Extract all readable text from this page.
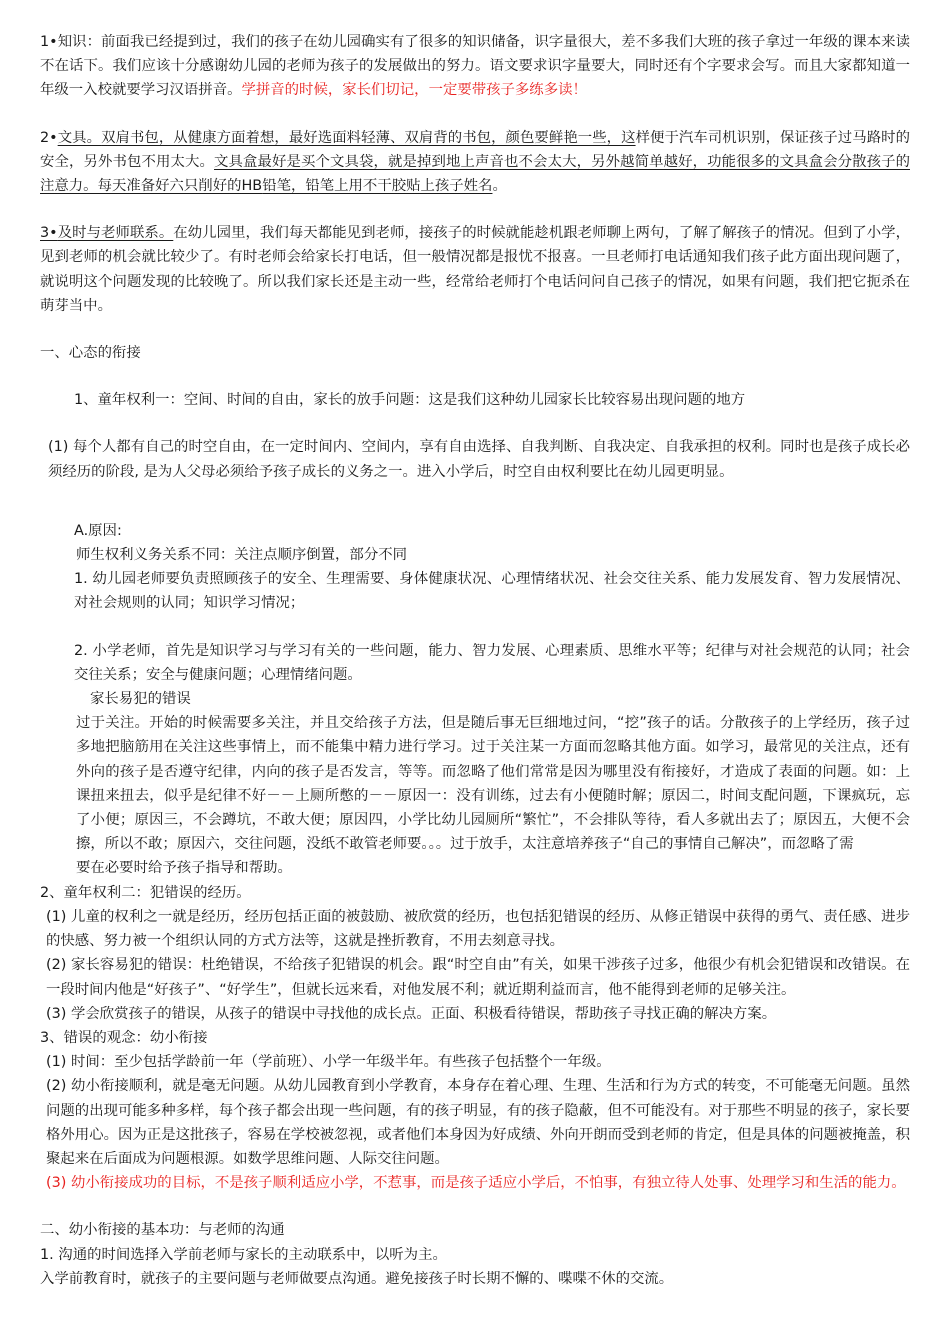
1•知识：前面我已经提到过，我们的孩子在幼儿园确实有了很多的知识储备，识字量很大，差不多我们大班的孩子拿过一年级的课本来读不在话下。我们应该十分感谢幼儿园的老师为孩子的发展做出的努力。语文要求识字量要大，同时还有个字要求会写。而且大家都知道一年级一入校就要学习汉语拼音。学拼音的时候，家长们切记，一定要带孩子多练多读！

2•文具。双肩书包，从健康方面着想，最好选面料轻薄、双肩背的书包，颜色要鲜艳一些，这样便于汽车司机识别，保证孩子过马路时的安全，另外书包不用太大。文具盒最好是买个文具袋，就是掉到地上声音也不会太大，另外越简单越好，功能很多的文具盒会分散孩子的注意力。每天准备好六只削好的HB铅笔，铅笔上用不干胶贴上孩子姓名。

3•及时与老师联系。在幼儿园里，我们每天都能见到老师，接孩子的时候就能趁机跟老师聊上两句，了解了解孩子的情况。但到了小学，见到老师的机会就比较少了。有时老师会给家长打电话，但一般情况都是报忧不报喜。一旦老师打电话通知我们孩子此方面出现问题了，就说明这个问题发现的比较晚了。所以我们家长还是主动一些，经常给老师打个电话问问自己孩子的情况，如果有问题，我们把它扼杀在萌芽当中。

一、心态的衔接

1、童年权利一：空间、时间的自由，家长的放手问题：这是我们这种幼儿园家长比较容易出现问题的地方

(1) 每个人都有自己的时空自由，在一定时间内、空间内，享有自由选择、自我判断、自我决定、自我承担的权利。同时也是孩子成长必须经历的阶段, 是为人父母必须给予孩子成长的义务之一。进入小学后，时空自由权利要比在幼儿园更明显。

A.原因:

师生权利义务关系不同：关注点顺序倒置，部分不同

1. 幼儿园老师要负责照顾孩子的安全、生理需要、身体健康状况、心理情绪状况、社会交往关系、能力发展发育、智力发展情况、对社会规则的认同；知识学习情况；

2. 小学老师，首先是知识学习与学习有关的一些问题，能力、智力发展、心理素质、思维水平等；纪律与对社会规范的认同；社会交往关系；安全与健康问题；心理情绪问题。

家长易犯的错误

过于关注。开始的时候需要多关注，并且交给孩子方法，但是随后事无巨细地过问，“挖”孩子的话。分散孩子的上学经历，孩子过多地把脑筋用在关注这些事情上，而不能集中精力进行学习。过于关注某一方面而忽略其他方面。如学习，最常见的关注点，还有外向的孩子是否遵守纪律，内向的孩子是否发言，等等。而忽略了他们常常是因为哪里没有衔接好，才造成了表面的问题。如：上课扭来扭去，似乎是纪律不好－－上厕所憋的－－原因一：没有训练，过去有小便随时解；原因二，时间支配问题，下课疯玩，忘了小便；原因三，不会蹲坑，不敢大便；原因四，小学比幼儿园厕所“繁忙”，不会排队等待，看人多就出去了；原因五，大便不会擦，所以不敢；原因六，交往问题，没纸不敢管老师要。。。过于放手，太注意培养孩子“自己的事情自己解决”，而忽略了需

要在必要时给予孩子指导和帮助。

2、童年权利二：犯错误的经历。

(1) 儿童的权利之一就是经历，经历包括正面的被鼓励、被欣赏的经历，也包括犯错误的经历、从修正错误中获得的勇气、责任感、进步的快感、努力被一个组织认同的方式方法等，这就是挫折教育，不用去刻意寻找。

(2) 家长容易犯的错误：杜绝错误，不给孩子犯错误的机会。跟“时空自由”有关，如果干涉孩子过多，他很少有机会犯错误和改错误。在一段时间内他是“好孩子”、“好学生”，但就长远来看，对他发展不利；就近期利益而言，他不能得到老师的足够关注。

(3) 学会欣赏孩子的错误，从孩子的错误中寻找他的成长点。正面、积极看待错误，帮助孩子寻找正确的解决方案。

3、错误的观念：幼小衔接

(1) 时间：至少包括学龄前一年（学前班）、小学一年级半年。有些孩子包括整个一年级。

(2) 幼小衔接顺利，就是毫无问题。从幼儿园教育到小学教育，本身存在着心理、生理、生活和行为方式的转变，不可能毫无问题。虽然问题的出现可能多种多样，每个孩子都会出现一些问题，有的孩子明显，有的孩子隐蔽，但不可能没有。对于那些不明显的孩子，家长要格外用心。因为正是这批孩子，容易在学校被忽视，或者他们本身因为好成绩、外向开朗而受到老师的肯定，但是具体的问题被掩盖，积聚起来在后面成为问题根源。如数学思维问题、人际交往问题。

(3) 幼小衔接成功的目标，不是孩子顺利适应小学，不惹事，而是孩子适应小学后，不怕事，有独立待人处事、处理学习和生活的能力。

二、幼小衔接的基本功：与老师的沟通

1. 沟通的时间选择入学前老师与家长的主动联系中，以听为主。

入学前教育时，就孩子的主要问题与老师做要点沟通。避免接孩子时长期不懈的、喋喋不休的交流。
